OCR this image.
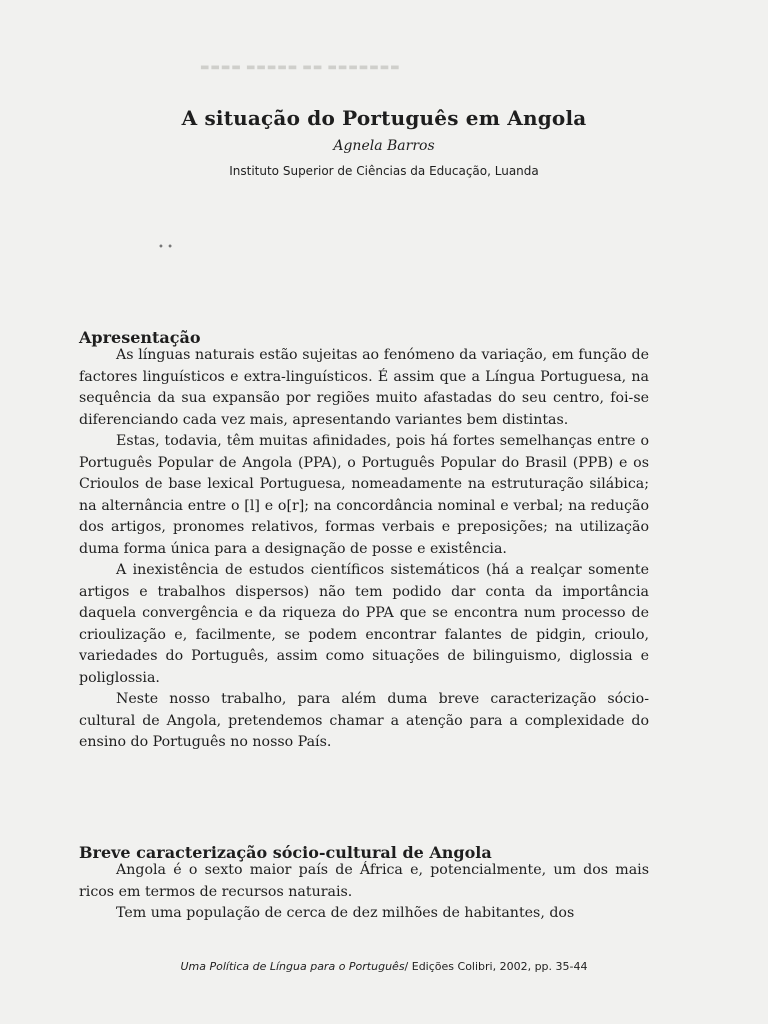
▬▬▬▬ ▬▬▬▬▬ ▬▬ ▬▬▬▬▬▬▬
A situação do Português em Angola
Agnela Barros
Instituto Superior de Ciências da Educação, Luanda
• •
Apresentação

As línguas naturais estão sujeitas ao fenómeno da variação, em função de factores linguísticos e extra-linguísticos. É assim que a Língua Portuguesa, na sequência da sua expansão por regiões muito afastadas do seu centro, foi-se diferenciando cada vez mais, apresentando variantes bem distintas.

Estas, todavia, têm muitas afinidades, pois há fortes semelhanças entre o Português Popular de Angola (PPA), o Português Popular do Brasil (PPB) e os Crioulos de base lexical Portuguesa, nomeadamente na estruturação silábica; na alternância entre o [l] e o[r]; na concordância nominal e verbal; na redução dos artigos, pronomes relativos, formas verbais e preposições; na utilização duma forma única para a designação de posse e existência.

A inexistência de estudos científicos sistemáticos (há a realçar somente artigos e trabalhos dispersos) não tem podido dar conta da importância daquela convergência e da riqueza do PPA que se encontra num processo de crioulização e, facilmente, se podem encontrar falantes de pidgin, crioulo, variedades do Português, assim como situações de bilinguismo, diglossia e poliglossia.

Neste nosso trabalho, para além duma breve caracterização sócio-cultural de Angola, pretendemos chamar a atenção para a complexidade do ensino do Português no nosso País.

Breve caracterização sócio-cultural de Angola

Angola é o sexto maior país de África e, potencialmente, um dos mais ricos em termos de recursos naturais.

Tem uma população de cerca de dez milhões de habitantes, dos

Uma Política de Língua para o Português/ Edições Colibri, 2002, pp. 35-44
